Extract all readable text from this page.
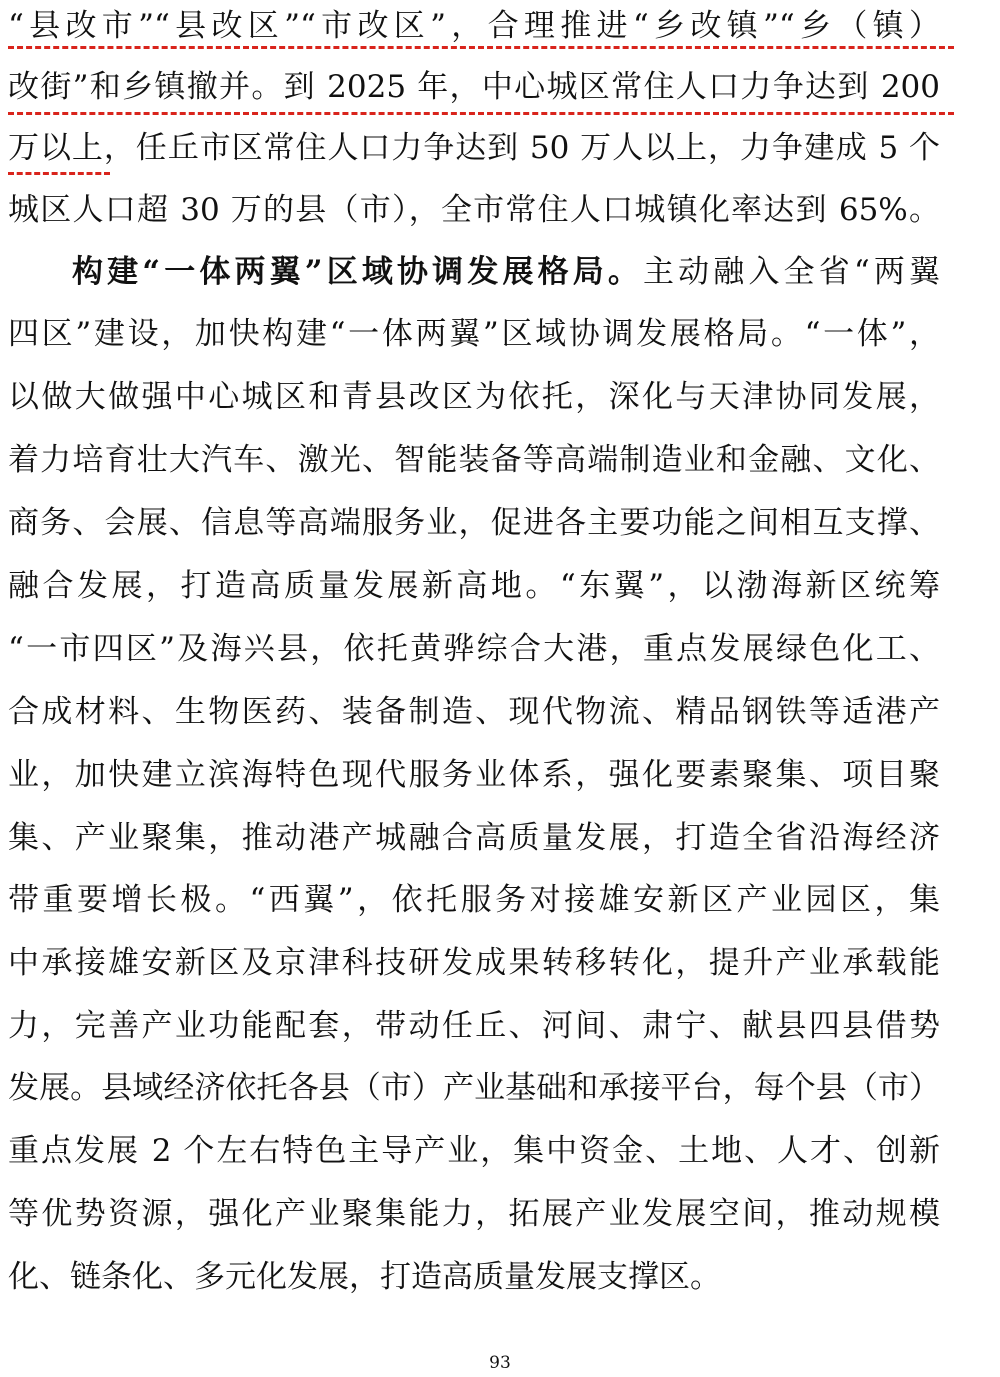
“县改市”“县改区”“市改区”，合理推进“乡改镇”“乡（镇）
改街”和乡镇撤并。到 2025 年，中心城区常住人口力争达到 200
万以上，任丘市区常住人口力争达到 50 万人以上，力争建成 5 个
城区人口超 30 万的县（市），全市常住人口城镇化率达到 65%。
构建“一体两翼”区域协调发展格局。主动融入全省“两翼
四区”建设，加快构建“一体两翼”区域协调发展格局。“一体”，
以做大做强中心城区和青县改区为依托，深化与天津协同发展，
着力培育壮大汽车、激光、智能装备等高端制造业和金融、文化、
商务、会展、信息等高端服务业，促进各主要功能之间相互支撑、
融合发展，打造高质量发展新高地。“东翼”，以渤海新区统筹
“一市四区”及海兴县，依托黄骅综合大港，重点发展绿色化工、
合成材料、生物医药、装备制造、现代物流、精品钢铁等适港产
业，加快建立滨海特色现代服务业体系，强化要素聚集、项目聚
集、产业聚集，推动港产城融合高质量发展，打造全省沿海经济
带重要增长极。“西翼”，依托服务对接雄安新区产业园区，集
中承接雄安新区及京津科技研发成果转移转化，提升产业承载能
力，完善产业功能配套，带动任丘、河间、肃宁、献县四县借势
发展。县域经济依托各县（市）产业基础和承接平台，每个县（市）
重点发展 2 个左右特色主导产业，集中资金、土地、人才、创新
等优势资源，强化产业聚集能力，拓展产业发展空间，推动规模
化、链条化、多元化发展，打造高质量发展支撑区。
93
